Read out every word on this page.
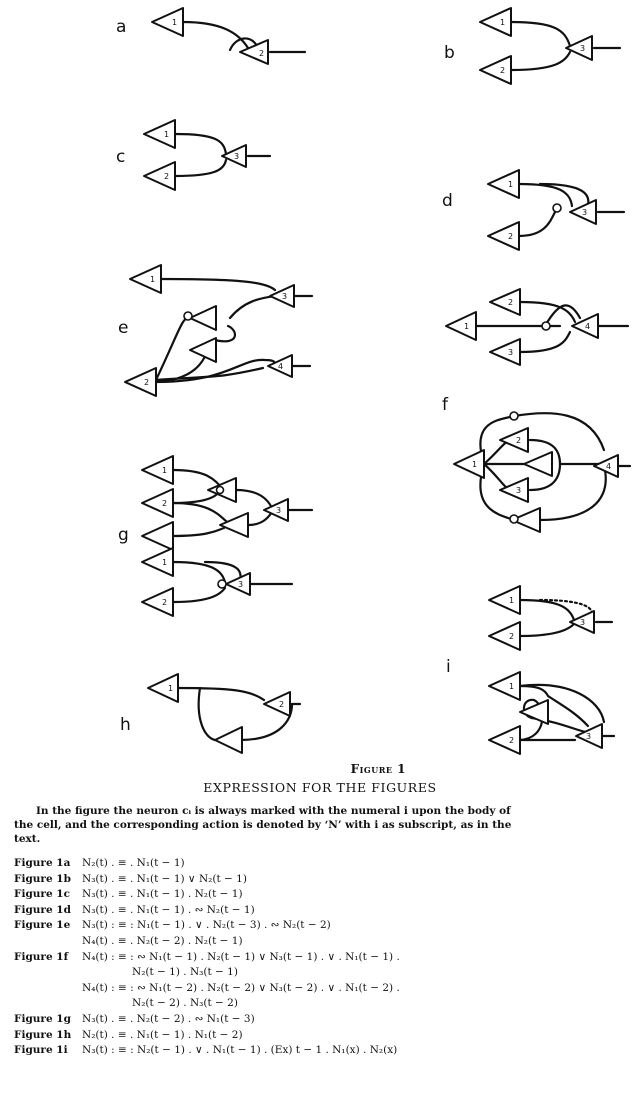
a
b
c
d
e
f
g
h
i
1
2
1
2
3
1
2
3
1
2
3
1
2
3
4
1
2
3
4
1
2
3
4
1
2
3
1
2
3
1
2
1
2
3
1
2	3
Figure 1
EXPRESSION FOR THE FIGURES
In the figure the neuron cᵢ is always marked with the numeral i upon the body of the cell, and the corresponding action is denoted by ‘N’ with i as subscript, as in the text.
Figure 1a	N₂(t) . ≡ . N₁(t − 1)
Figure 1b	N₃(t) . ≡ . N₁(t − 1) ∨ N₂(t − 1)
Figure 1c	N₃(t) . ≡ . N₁(t − 1) . N₂(t − 1)
Figure 1d	N₃(t) . ≡ . N₁(t − 1) . ∾ N₂(t − 1)
Figure 1e	N₃(t) : ≡ : N₁(t − 1) . ∨ . N₂(t − 3) . ∾ N₂(t − 2)
N₄(t) . ≡ . N₂(t − 2) . N₂(t − 1)
Figure 1f	N₄(t) : ≡ : ∾ N₁(t − 1) . N₂(t − 1) ∨ N₃(t − 1) . ∨ . N₁(t − 1) .
N₂(t − 1) . N₃(t − 1)
N₄(t) : ≡ : ∾ N₁(t − 2) . N₂(t − 2) ∨ N₃(t − 2) . ∨ . N₁(t − 2) .
N₂(t − 2) . N₃(t − 2)
Figure 1g	N₃(t) . ≡ . N₂(t − 2) . ∾ N₁(t − 3)
Figure 1h	N₂(t) . ≡ . N₁(t − 1) . N₁(t − 2)
Figure 1i	N₃(t) : ≡ : N₂(t − 1) . ∨ . N₁(t − 1) . (Ex) t − 1 . N₁(x) . N₂(x)
